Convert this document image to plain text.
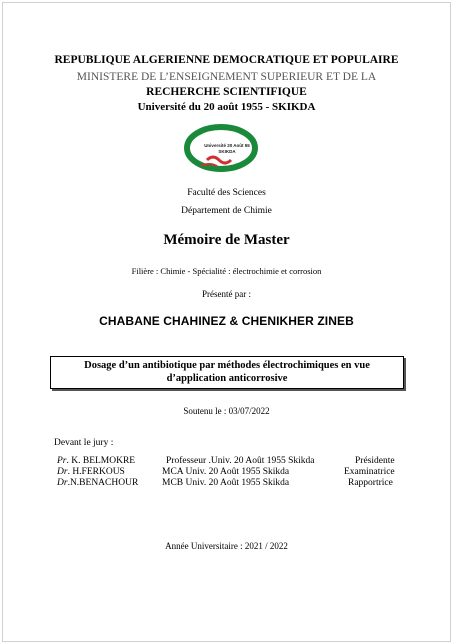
REPUBLIQUE ALGERIENNE DEMOCRATIQUE ET POPULAIRE
MINISTERE DE L’ENSEIGNEMENT SUPERIEUR ET DE LA
RECHERCHE SCIENTIFIQUE
Université du 20 août 1955 - SKIKDA
Université 20 Août 55
SKIKDA
Faculté des Sciences
Département de Chimie
Mémoire de Master
Filière : Chimie - Spécialité : électrochimie et corrosion
Présenté par :
CHABANE CHAHINEZ & CHENIKHER ZINEB
Dosage d’un antibiotique par méthodes électrochimiques en vue
d’application anticorrosive
Soutenu le : 03/07/2022
Devant le jury :
Pr. K. BELMOKRE	Professeur .Univ. 20 Août 1955 Skikda	Présidente
Dr. H.FERKOUS	MCA Univ. 20 Août 1955 Skikda	Examinatrice
Dr.N.BENACHOUR MCB Univ. 20 Août 1955 Skikda	Rapportrice
Année Universitaire : 2021 / 2022
